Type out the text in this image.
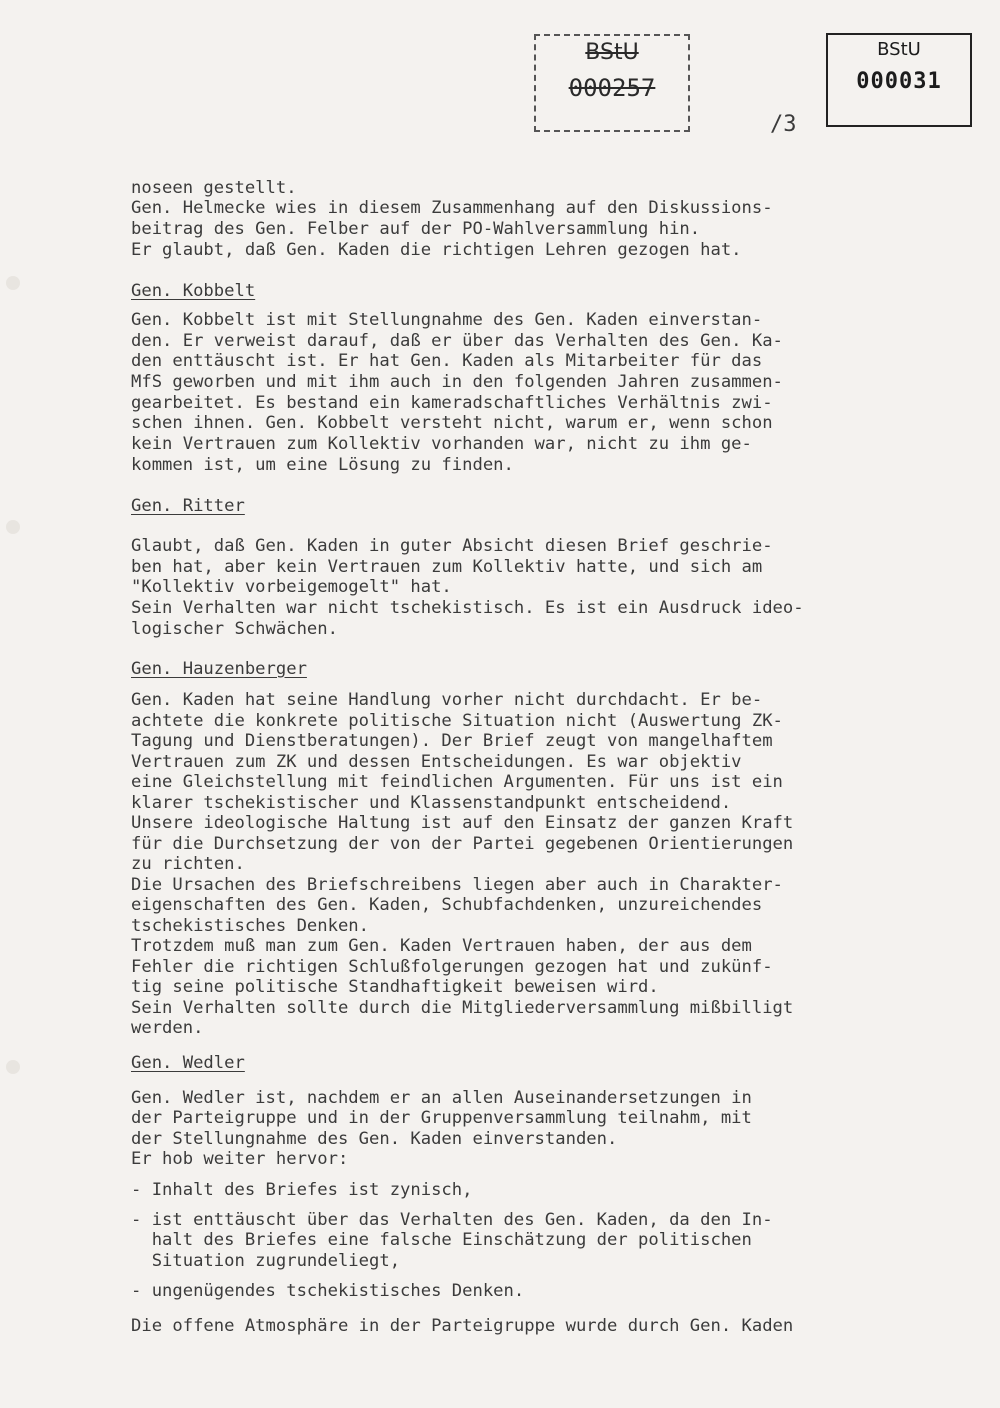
BStU
000257
BStU
000031
/3
noseen gestellt.
Gen. Helmecke wies in diesem Zusammenhang auf den Diskussions-
beitrag des Gen. Felber auf der PO-Wahlversammlung hin.
Er glaubt, daß Gen. Kaden die richtigen Lehren gezogen hat.
Gen. Kobbelt
Gen. Kobbelt ist mit Stellungnahme des Gen. Kaden einverstan-
den. Er verweist darauf, daß er über das Verhalten des Gen. Ka-
den enttäuscht ist. Er hat Gen. Kaden als Mitarbeiter für das
MfS geworben und mit ihm auch in den folgenden Jahren zusammen-
gearbeitet. Es bestand ein kameradschaftliches Verhältnis zwi-
schen ihnen. Gen. Kobbelt versteht nicht, warum er, wenn schon
kein Vertrauen zum Kollektiv vorhanden war, nicht zu ihm ge-
kommen ist, um eine Lösung zu finden.
Gen. Ritter
Glaubt, daß Gen. Kaden in guter Absicht diesen Brief geschrie-
ben hat, aber kein Vertrauen zum Kollektiv hatte, und sich am
"Kollektiv vorbeigemogelt" hat.
Sein Verhalten war nicht tschekistisch. Es ist ein Ausdruck ideo-
logischer Schwächen.
Gen. Hauzenberger
Gen. Kaden hat seine Handlung vorher nicht durchdacht. Er be-
achtete die konkrete politische Situation nicht (Auswertung ZK-
Tagung und Dienstberatungen). Der Brief zeugt von mangelhaftem
Vertrauen zum ZK und dessen Entscheidungen. Es war objektiv
eine Gleichstellung mit feindlichen Argumenten. Für uns ist ein
klarer tschekistischer und Klassenstandpunkt entscheidend.
Unsere ideologische Haltung ist auf den Einsatz der ganzen Kraft
für die Durchsetzung der von der Partei gegebenen Orientierungen
zu richten.
Die Ursachen des Briefschreibens liegen aber auch in Charakter-
eigenschaften des Gen. Kaden, Schubfachdenken, unzureichendes
tschekistisches Denken.
Trotzdem muß man zum Gen. Kaden Vertrauen haben, der aus dem
Fehler die richtigen Schlußfolgerungen gezogen hat und zukünf-
tig seine politische Standhaftigkeit beweisen wird.
Sein Verhalten sollte durch die Mitgliederversammlung mißbilligt
werden.
Gen. Wedler
Gen. Wedler ist, nachdem er an allen Auseinandersetzungen in
der Parteigruppe und in der Gruppenversammlung teilnahm, mit
der Stellungnahme des Gen. Kaden einverstanden.
Er hob weiter hervor:
- Inhalt des Briefes ist zynisch,
- ist enttäuscht über das Verhalten des Gen. Kaden, da den In-
halt des Briefes eine falsche Einschätzung der politischen
Situation zugrundeliegt,
- ungenügendes tschekistisches Denken.
Die offene Atmosphäre in der Parteigruppe wurde durch Gen. Kaden
